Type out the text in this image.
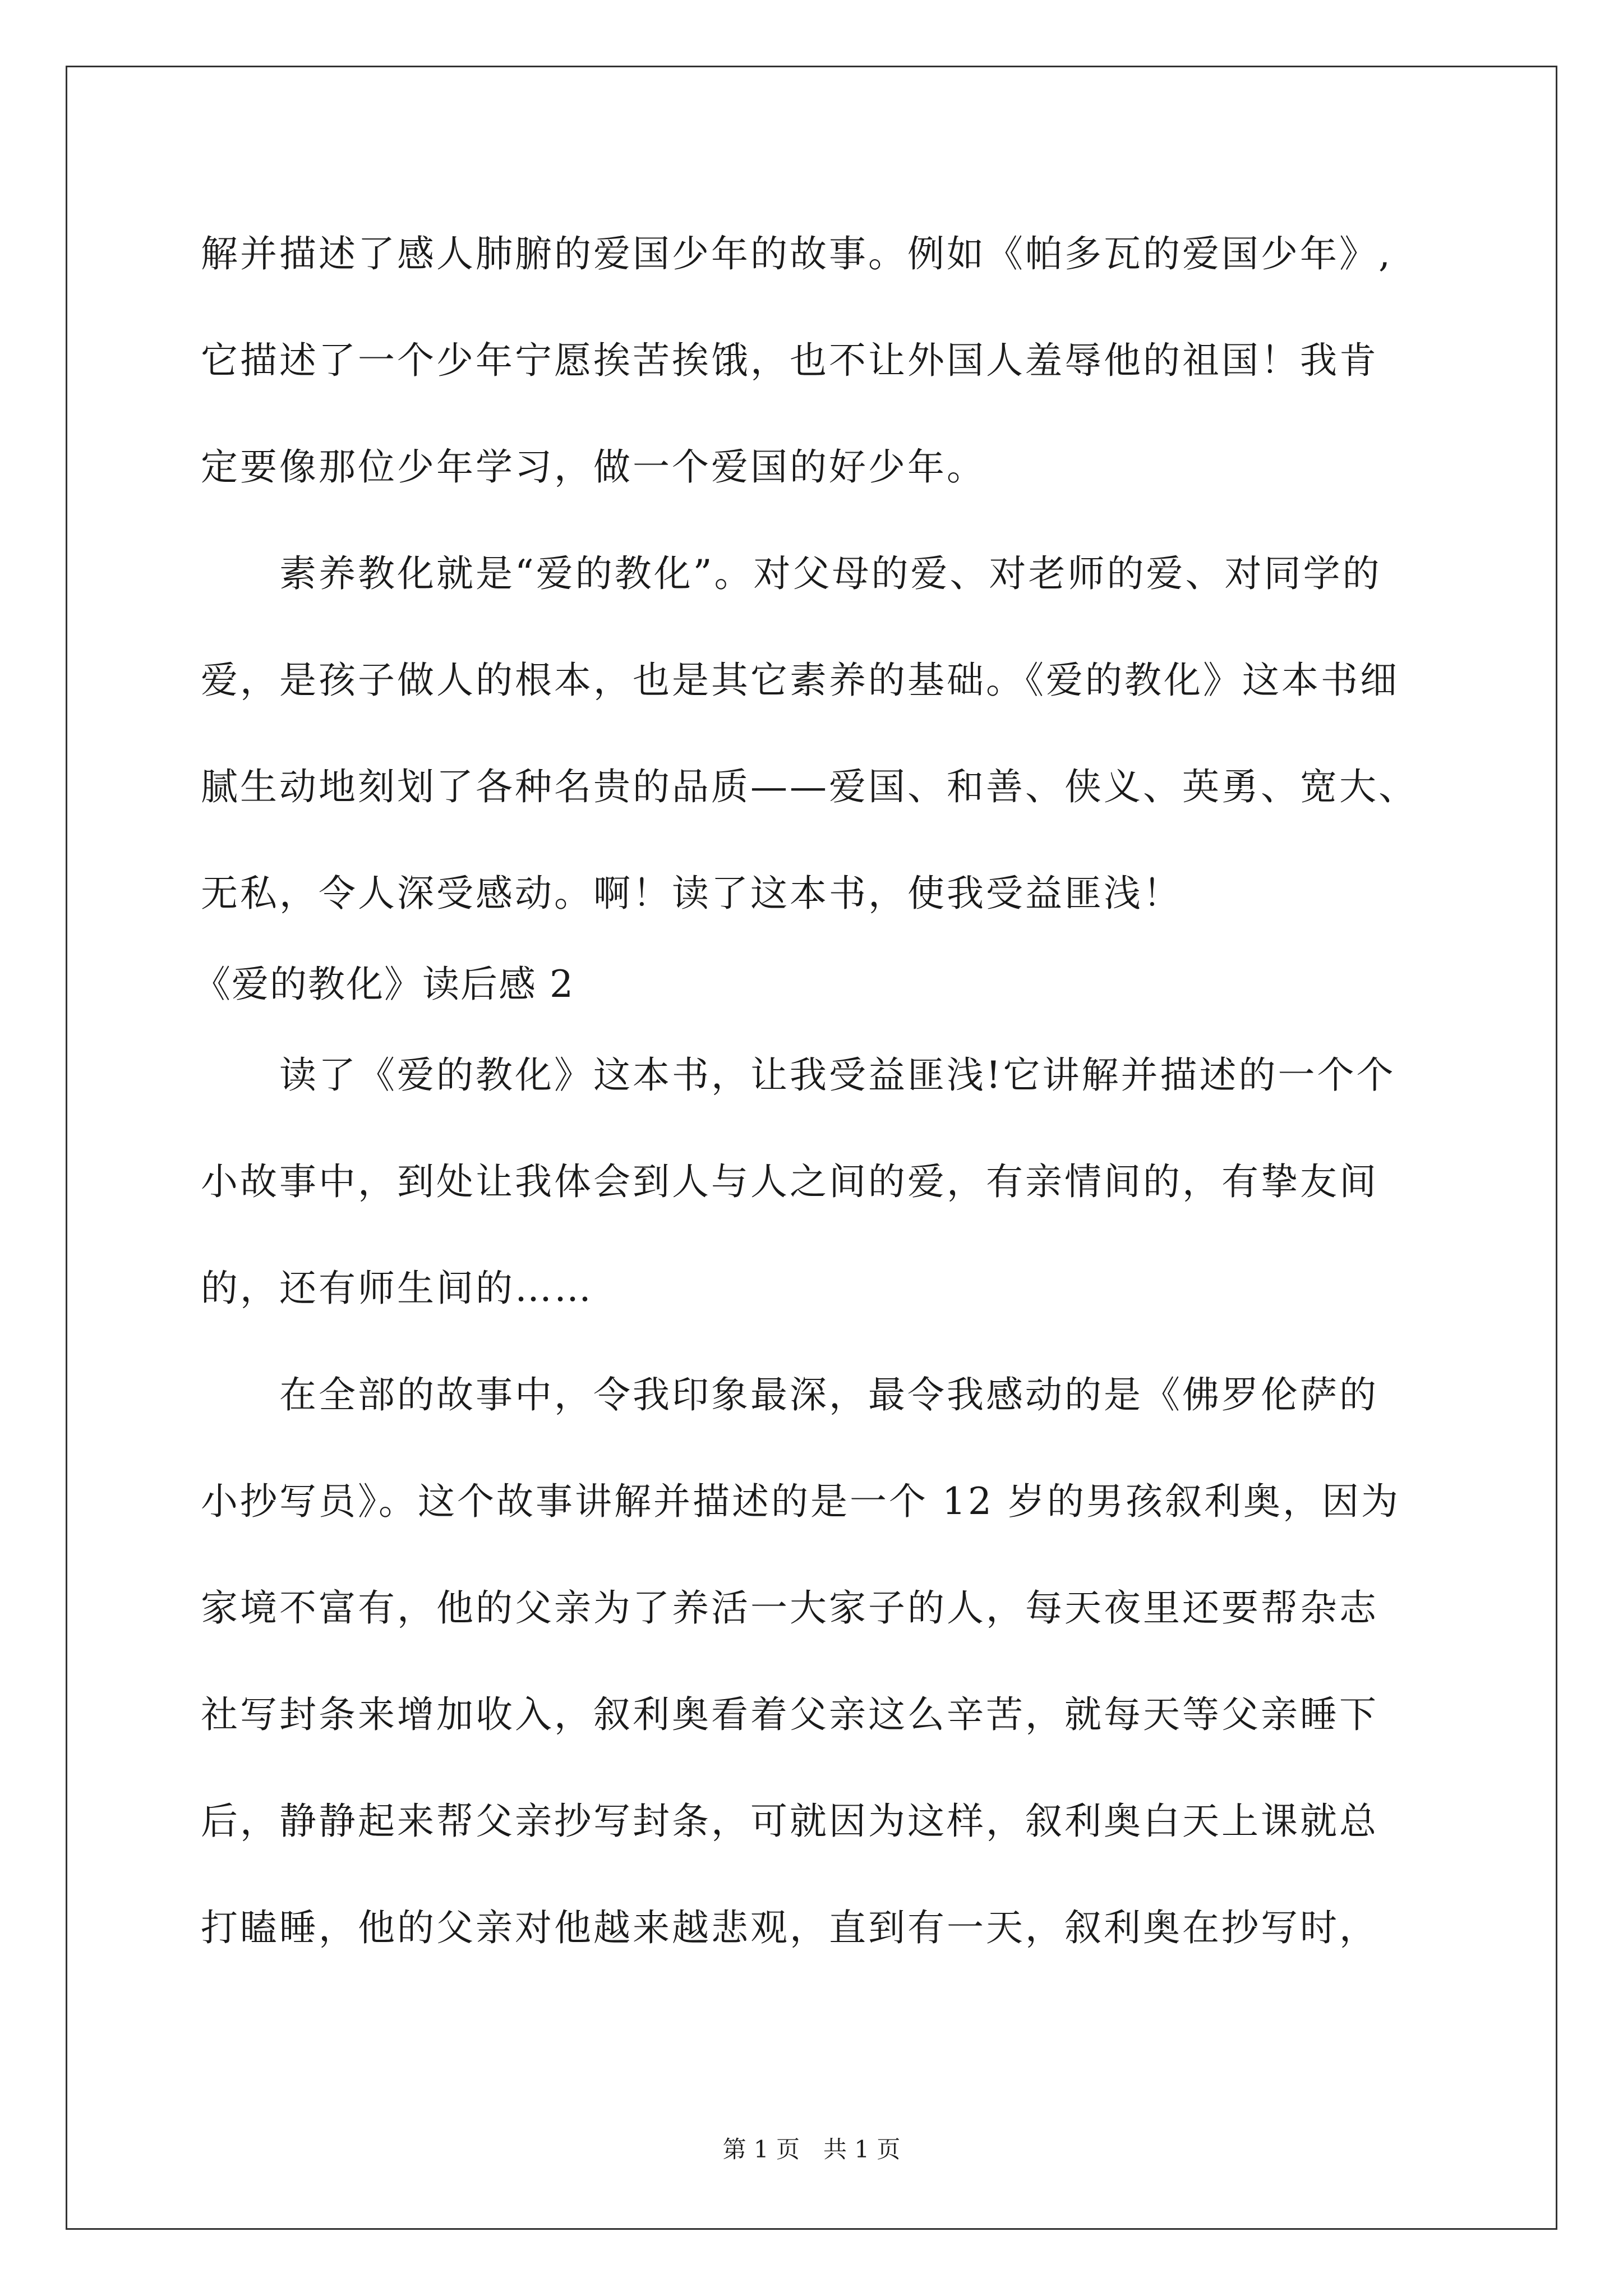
解并描述了感人肺腑的爱国少年的故事。例如《帕多瓦的爱国少年》,
它描述了一个少年宁愿挨苦挨饿，也不让外国人羞辱他的祖国！我肯
定要像那位少年学习，做一个爱国的好少年。
　　素养教化就是“爱的教化”。对父母的爱、对老师的爱、对同学的
爱，是孩子做人的根本，也是其它素养的基础。《爱的教化》这本书细
腻生动地刻划了各种名贵的品质——爱国、和善、侠义、英勇、宽大、
无私，令人深受感动。啊！读了这本书，使我受益匪浅！
《爱的教化》读后感 2
　　读了《爱的教化》这本书，让我受益匪浅!它讲解并描述的一个个
小故事中，到处让我体会到人与人之间的爱，有亲情间的，有挚友间
的，还有师生间的……
　　在全部的故事中，令我印象最深，最令我感动的是《佛罗伦萨的
小抄写员》。这个故事讲解并描述的是一个 12 岁的男孩叙利奥，因为
家境不富有，他的父亲为了养活一大家子的人，每天夜里还要帮杂志
社写封条来增加收入，叙利奥看着父亲这么辛苦，就每天等父亲睡下
后，静静起来帮父亲抄写封条，可就因为这样，叙利奥白天上课就总
打瞌睡，他的父亲对他越来越悲观，直到有一天，叙利奥在抄写时，
第 1 页　共 1 页
